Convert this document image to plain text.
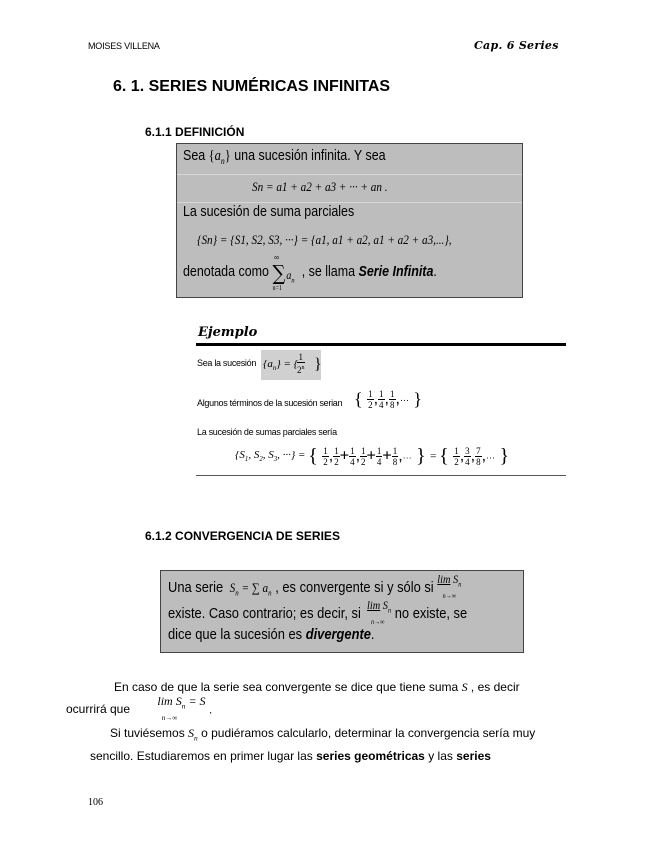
MOISES VILLENA	Cap. 6 Series
6. 1. SERIES NUMÉRICAS INFINITAS
6.1.1 DEFINICIÓN
Sea $\{a_n\}$ una sucesión infinita. Y sea
Sn = a1 + a2 + a3 + ··· + an .
La sucesión de suma parciales
{Sn} = {S1, S2, S3, ···} = {a1, a1 + a2, a1 + a2 + a3,...},
denotada como
∞
∑ $a_n$
n=1
, se llama Serie Infinita.
Ejemplo
Sea la sucesión $\{a_n\}$ = {
$\frac{1}{2^n}$ }
Algunos términos de la sucesión serian { $\frac{1}{2}$ , $\frac{1}{4}$ , $\frac{1}{8}$ ,··· }
La sucesión de sumas parciales sería
{$S_1$, $S_2$, $S_3$, ···} = { $\frac{1}{2}$ , $\frac{1}{2} + \frac{1}{4}$ , $\frac{1}{2} + \frac{1}{4} + \frac{1}{8}$ ,··· } = { $\frac{1}{2}$ , $\frac{3}{4}$ , $\frac{7}{8}$ ,··· }
6.1.2 CONVERGENCIA DE SERIES
Una serie  $S_n$ = ∑ $a_n$ , es convergente si y sólo si $\lim S_n$
n→∞
existe. Caso contrario; es decir, si  $\lim S_n$
n→∞ no existe, se
dice que la sucesión es divergente.
En caso de que la serie sea convergente se dice que tiene suma S , es decir
ocurrirá que $\lim S_n = S$
n→∞ .
Si tuviésemos $S_n$ o pudiéramos calcularlo, determinar la convergencia sería muy sencillo. Estudiaremos en primer lugar las series geométricas y las series
106
